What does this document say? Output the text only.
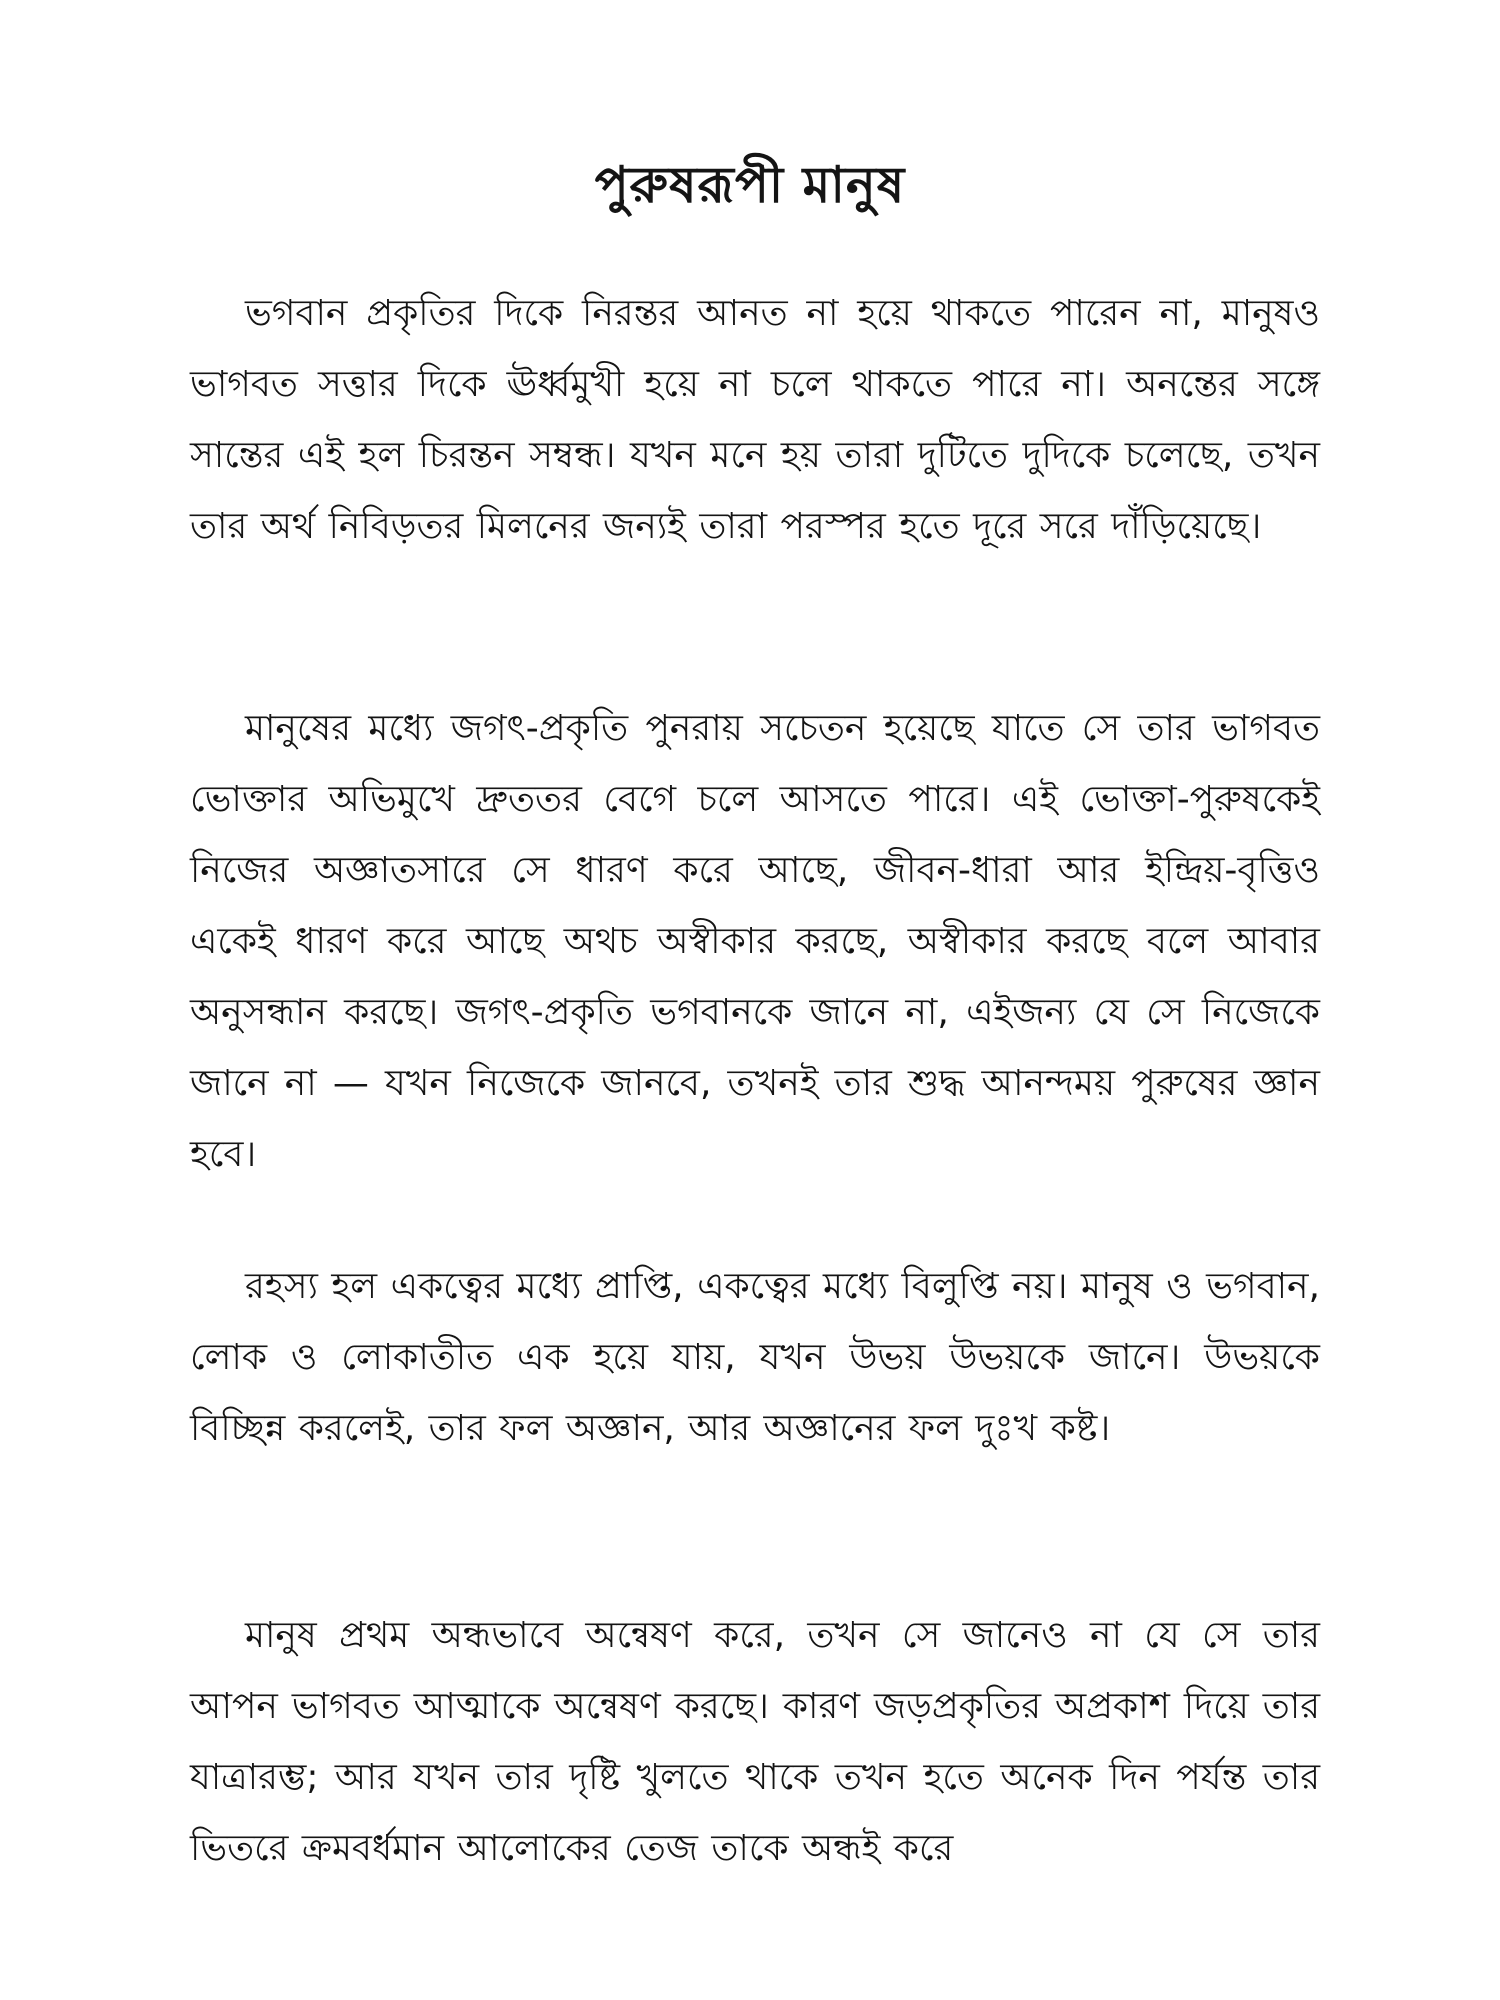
পুরুষরূপী মানুষ

ভগবান প্রকৃতির দিকে নিরন্তর আনত না হয়ে থাকতে পারেন না, মানুষও ভাগবত সত্তার দিকে ঊর্ধ্বমুখী হয়ে না চলে থাকতে পারে না। অনন্তের সঙ্গে সান্তের এই হল চিরন্তন সম্বন্ধ। যখন মনে হয় তারা দুটিতে দুদিকে চলেছে, তখন তার অর্থ নিবিড়তর মিলনের জন্যই তারা পরস্পর হতে দূরে সরে দাঁড়িয়েছে।

মানুষের মধ্যে জগৎ-প্রকৃতি পুনরায় সচেতন হয়েছে যাতে সে তার ভাগবত ভোক্তার অভিমুখে দ্রুততর বেগে চলে আসতে পারে। এই ভোক্তা-পুরুষকেই নিজের অজ্ঞাতসারে সে ধারণ করে আছে, জীবন-ধারা আর ইন্দ্রিয়-বৃত্তিও একেই ধারণ করে আছে অথচ অস্বীকার করছে, অস্বীকার করছে বলে আবার অনুসন্ধান করছে। জগৎ-প্রকৃতি ভগবানকে জানে না, এইজন্য যে সে নিজেকে জানে না — যখন নিজেকে জানবে, তখনই তার শুদ্ধ আনন্দময় পুরুষের জ্ঞান হবে।

রহস্য হল একত্বের মধ্যে প্রাপ্তি, একত্বের মধ্যে বিলুপ্তি নয়। মানুষ ও ভগবান, লোক ও লোকাতীত এক হয়ে যায়, যখন উভয় উভয়কে জানে। উভয়কে বিচ্ছিন্ন করলেই, তার ফল অজ্ঞান, আর অজ্ঞানের ফল দুঃখ কষ্ট।

মানুষ প্রথম অন্ধভাবে অন্বেষণ করে, তখন সে জানেও না যে সে তার আপন ভাগবত আত্মাকে অন্বেষণ করছে। কারণ জড়প্রকৃতির অপ্রকাশ দিয়ে তার যাত্রারম্ভ; আর যখন তার দৃষ্টি খুলতে থাকে তখন হতে অনেক দিন পর্যন্ত তার ভিতরে ক্রমবর্ধমান আলোকের তেজ তাকে অন্ধই করে
